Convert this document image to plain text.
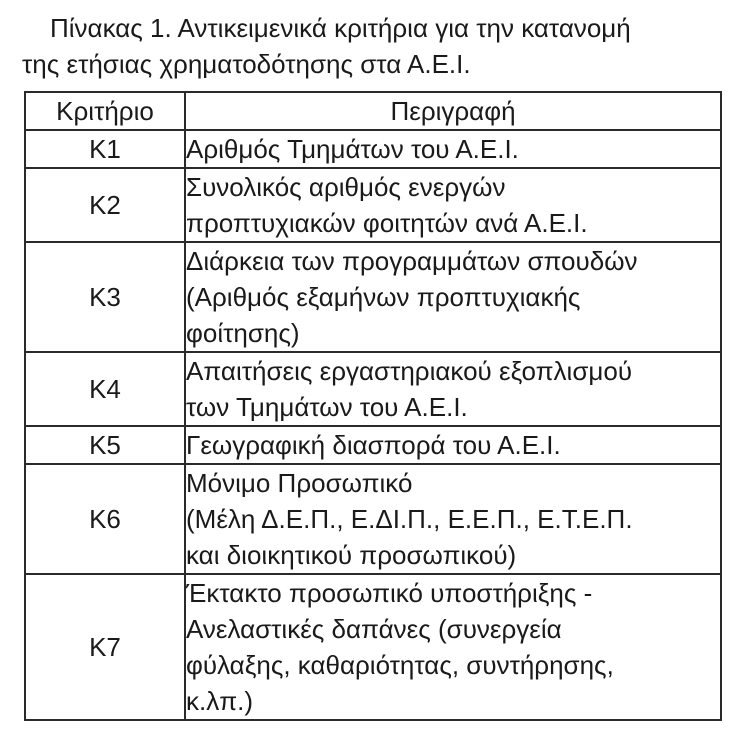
Πίνακας 1. Αντικειμενικά κριτήρια για την κατανομή
της ετήσιας χρηματοδότησης στα Α.Ε.Ι.
Κριτήριο	Περιγραφή
Κ1	Αριθμός Τμημάτων του Α.Ε.Ι.

Κ2	Συνολικός αριθμός ενεργών
προπτυχιακών φοιτητών ανά Α.Ε.Ι.

Κ3	Διάρκεια των προγραμμάτων σπουδών
(Αριθμός εξαμήνων προπτυχιακής
φοίτησης)

Κ4	Απαιτήσεις εργαστηριακού εξοπλισμού
των Τμημάτων του Α.Ε.Ι.

Κ5	Γεωγραφική διασπορά του Α.Ε.Ι.

Κ6	Μόνιμο Προσωπικό
(Μέλη Δ.Ε.Π., Ε.ΔΙ.Π., Ε.Ε.Π., Ε.Τ.Ε.Π.
και διοικητικού προσωπικού)

Κ7	Έκτακτο προσωπικό υποστήριξης -
Ανελαστικές δαπάνες (συνεργεία
φύλαξης, καθαριότητας, συντήρησης,
κ.λπ.)
